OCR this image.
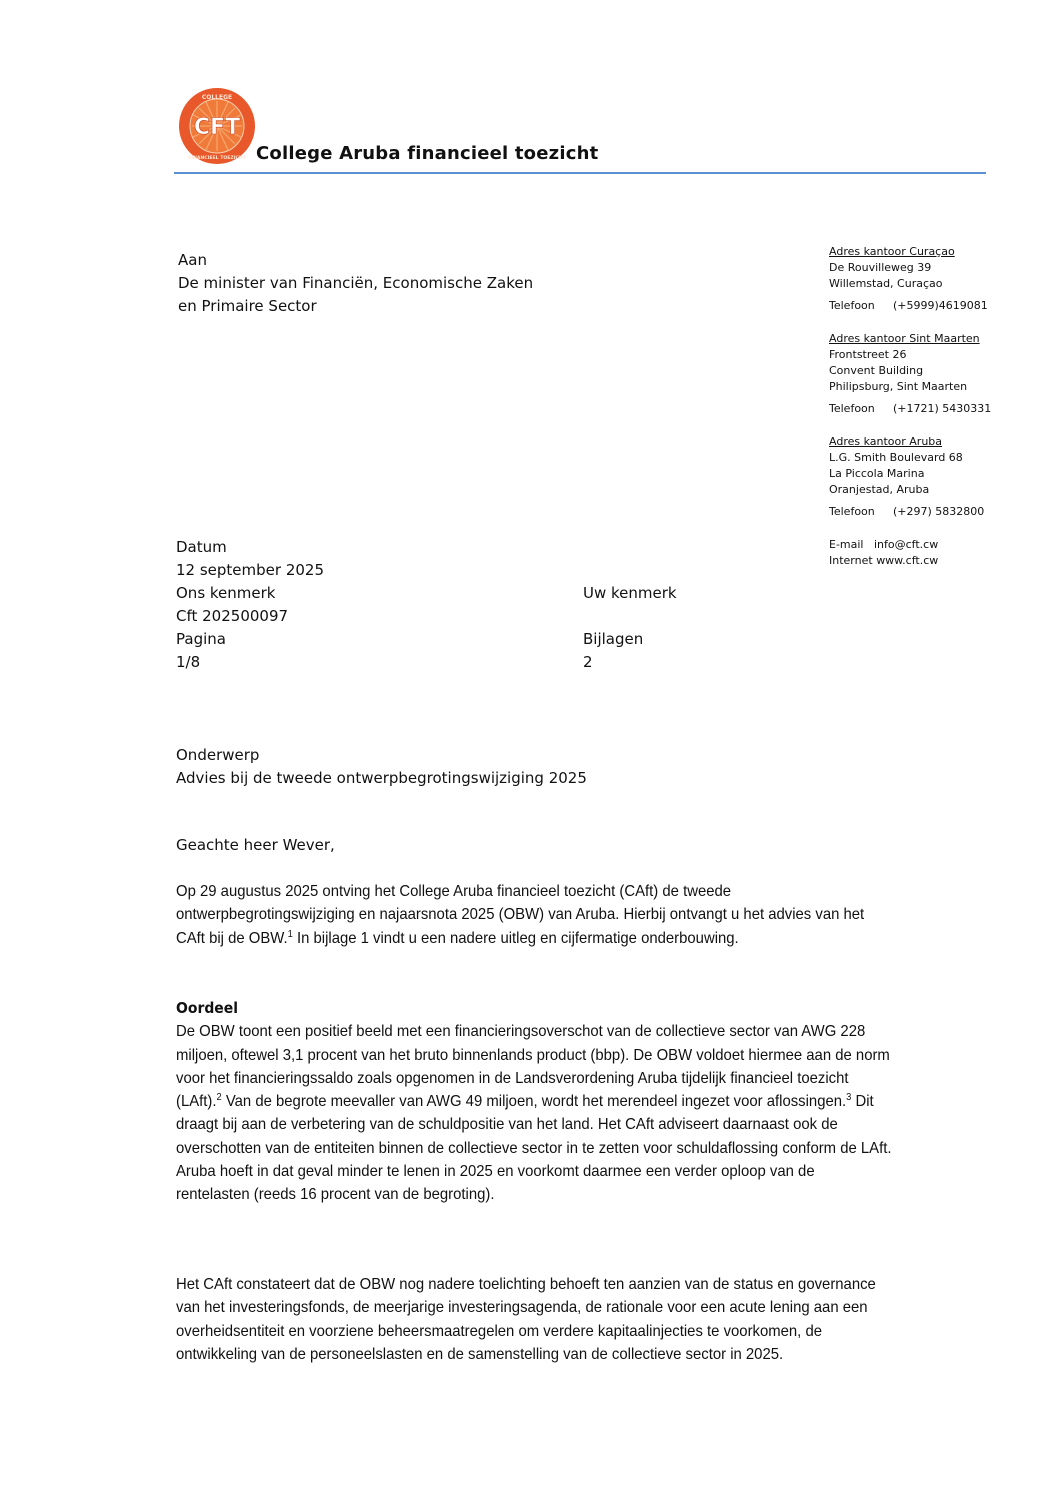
CFT
COLLEGE
FINANCIEEL TOEZICHT College Aruba financieel toezicht
Aan
De minister van Financiën, Economische Zaken
en Primaire Sector
Adres kantoor Curaçao
De Rouvilleweg 39
Willemstad, Curaçao
Telefoon (+5999)4619081
Adres kantoor Sint Maarten
Frontstreet 26
Convent Building
Philipsburg, Sint Maarten
Telefoon (+1721) 5430331
Adres kantoor Aruba
L.G. Smith Boulevard 68
La Piccola Marina
Oranjestad, Aruba
Telefoon (+297) 5832800
E-mail info@cft.cw
Internet www.cft.cw
Datum
12 september 2025
Ons kenmerk
Cft 202500097
Pagina
1/8
Uw kenmerk
Bijlagen
2
Onderwerp
Advies bij de tweede ontwerpbegrotingswijziging 2025
Geachte heer Wever,

Op 29 augustus 2025 ontving het College Aruba financieel toezicht (CAft) de tweede ontwerpbegrotingswijziging en najaarsnota 2025 (OBW) van Aruba. Hierbij ontvangt u het advies van het CAft bij de OBW.$^1$ In bijlage 1 vindt u een nadere uitleg en cijfermatige onderbouwing.

Oordeel

De OBW toont een positief beeld met een financieringsoverschot van de collectieve sector van AWG 228 miljoen, oftewel 3,1 procent van het bruto binnenlands product (bbp). De OBW voldoet hiermee aan de norm voor het financieringssaldo zoals opgenomen in de Landsverordening Aruba tijdelijk financieel toezicht (LAft).$^2$ Van de begrote meevaller van AWG 49 miljoen, wordt het merendeel ingezet voor aflossingen.$^3$ Dit draagt bij aan de verbetering van de schuldpositie van het land. Het CAft adviseert daarnaast ook de overschotten van de entiteiten binnen de collectieve sector in te zetten voor schuldaflossing conform de LAft. Aruba hoeft in dat geval minder te lenen in 2025 en voorkomt daarmee een verder oploop van de rentelasten (reeds 16 procent van de begroting).

Het CAft constateert dat de OBW nog nadere toelichting behoeft ten aanzien van de status en governance van het investeringsfonds, de meerjarige investeringsagenda, de rationale voor een acute lening aan een overheidsentiteit en voorziene beheersmaatregelen om verdere kapitaalinjecties te voorkomen, de ontwikkeling van de personeelslasten en de samenstelling van de collectieve sector in 2025.
